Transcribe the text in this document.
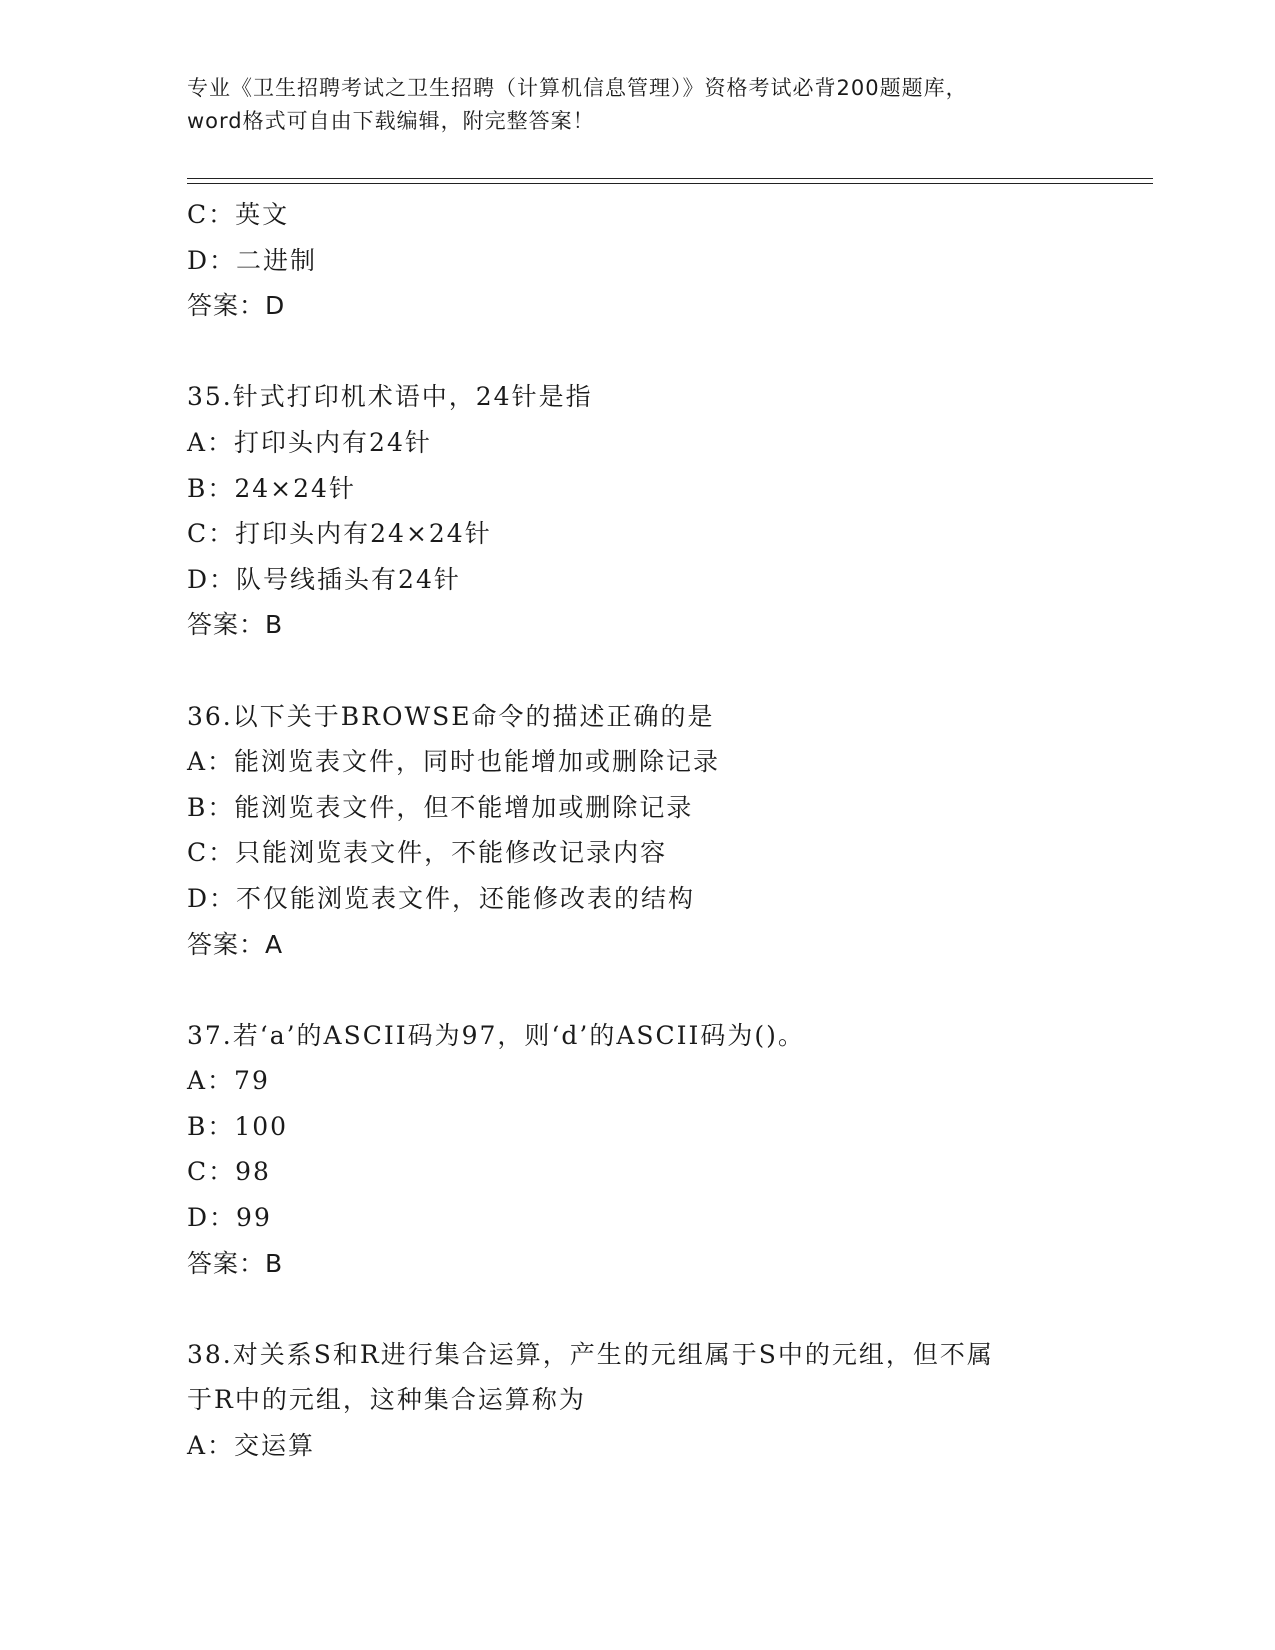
专业《卫生招聘考试之卫生招聘（计算机信息管理）》资格考试必背200题题库，
word格式可自由下载编辑，附完整答案！
C：英文
D：二进制
答案：D
35.针式打印机术语中，24针是指
A：打印头内有24针
B：24×24针
C：打印头内有24×24针
D：队号线插头有24针
答案：B
36.以下关于BROWSE命令的描述正确的是
A：能浏览表文件，同时也能增加或删除记录
B：能浏览表文件，但不能增加或删除记录
C：只能浏览表文件，不能修改记录内容
D：不仅能浏览表文件，还能修改表的结构
答案：A
37.若‘a’的ASCII码为97，则‘d’的ASCII码为()。
A：79
B：100
C：98
D：99
答案：B
38.对关系S和R进行集合运算，产生的元组属于S中的元组，但不属
于R中的元组，这种集合运算称为
A：交运算
